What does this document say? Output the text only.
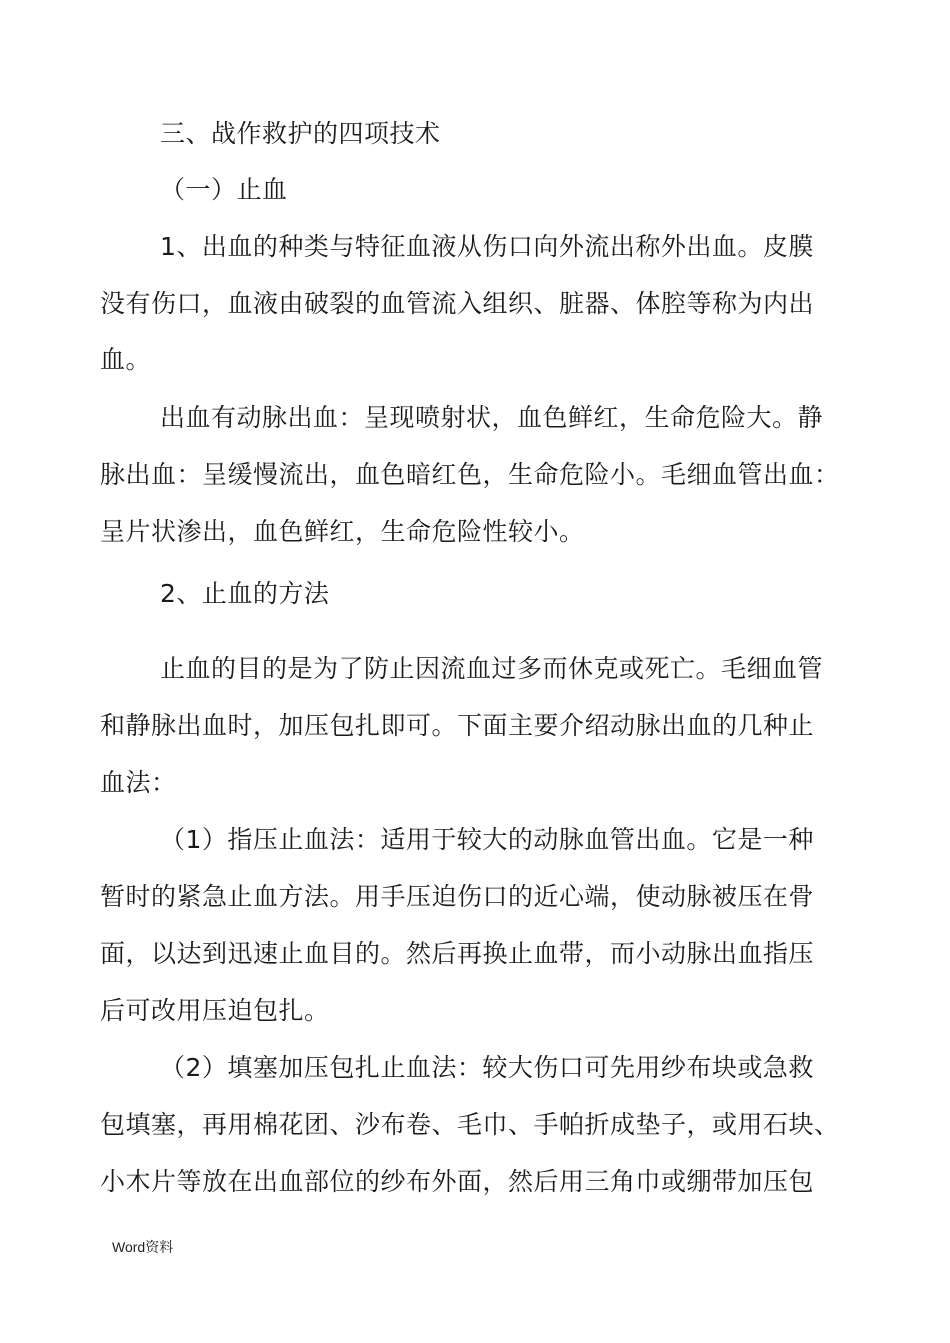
三、战作救护的四项技术
（一）止血
1、出血的种类与特征血液从伤口向外流出称外出血。皮膜
没有伤口，血液由破裂的血管流入组织、脏器、体腔等称为内出
血。
出血有动脉出血：呈现喷射状，血色鲜红，生命危险大。静
脉出血：呈缓慢流出，血色暗红色，生命危险小。毛细血管出血：
呈片状渗出，血色鲜红，生命危险性较小。
2、止血的方法
止血的目的是为了防止因流血过多而休克或死亡。毛细血管
和静脉出血时，加压包扎即可。下面主要介绍动脉出血的几种止
血法：
（1）指压止血法：适用于较大的动脉血管出血。它是一种
暂时的紧急止血方法。用手压迫伤口的近心端，使动脉被压在骨
面，以达到迅速止血目的。然后再换止血带，而小动脉出血指压
后可改用压迫包扎。
（2）填塞加压包扎止血法：较大伤口可先用纱布块或急救
包填塞，再用棉花团、沙布卷、毛巾、手帕折成垫子，或用石块、
小木片等放在出血部位的纱布外面，然后用三角巾或绷带加压包
Word资料
